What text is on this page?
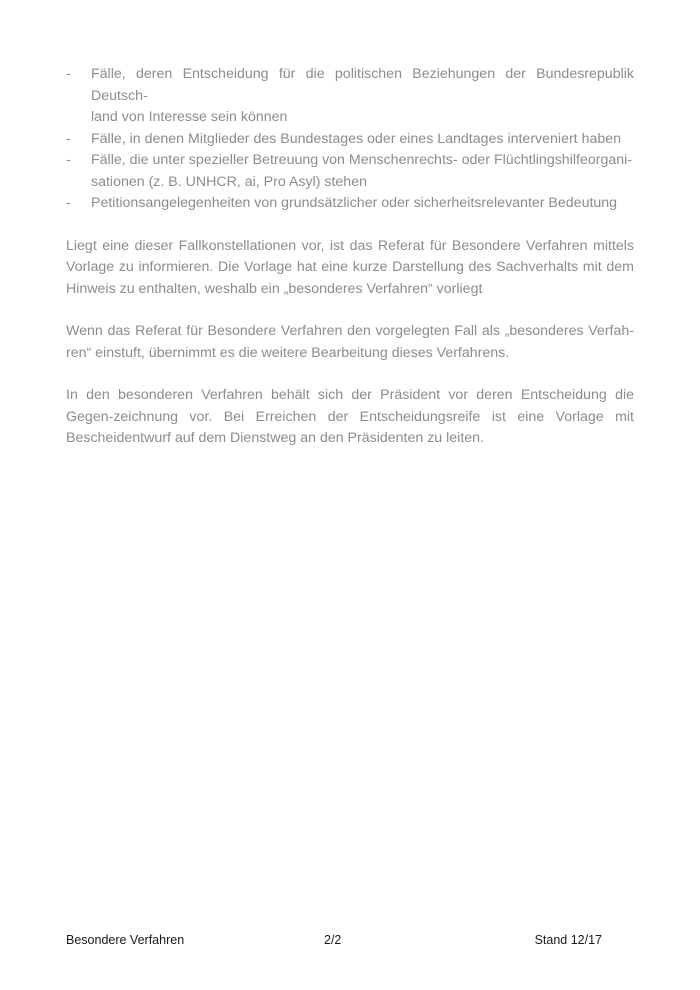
- Fälle, deren Entscheidung für die politischen Beziehungen der Bundesrepublik Deutsch-
land von Interesse sein können
- Fälle, in denen Mitglieder des Bundestages oder eines Landtages interveniert haben
- Fälle, die unter spezieller Betreuung von Menschenrechts- oder Flüchtlingshilfeorgani-
sationen (z. B. UNHCR, ai, Pro Asyl) stehen
- Petitionsangelegenheiten von grundsätzlicher oder sicherheitsrelevanter Bedeutung

Liegt eine dieser Fallkonstellationen vor, ist das Referat für Besondere Verfahren mittels Vorlage zu informieren. Die Vorlage hat eine kurze Darstellung des Sachverhalts mit dem Hinweis zu enthalten, weshalb ein „besonderes Verfahren“ vorliegt

Wenn das Referat für Besondere Verfahren den vorgelegten Fall als „besonderes Verfah-ren“ einstuft, übernimmt es die weitere Bearbeitung dieses Verfahrens.

In den besonderen Verfahren behält sich der Präsident vor deren Entscheidung die Gegen-zeichnung vor. Bei Erreichen der Entscheidungsreife ist eine Vorlage mit Bescheidentwurf auf dem Dienstweg an den Präsidenten zu leiten.

Besondere Verfahren	2/2	Stand 12/17
